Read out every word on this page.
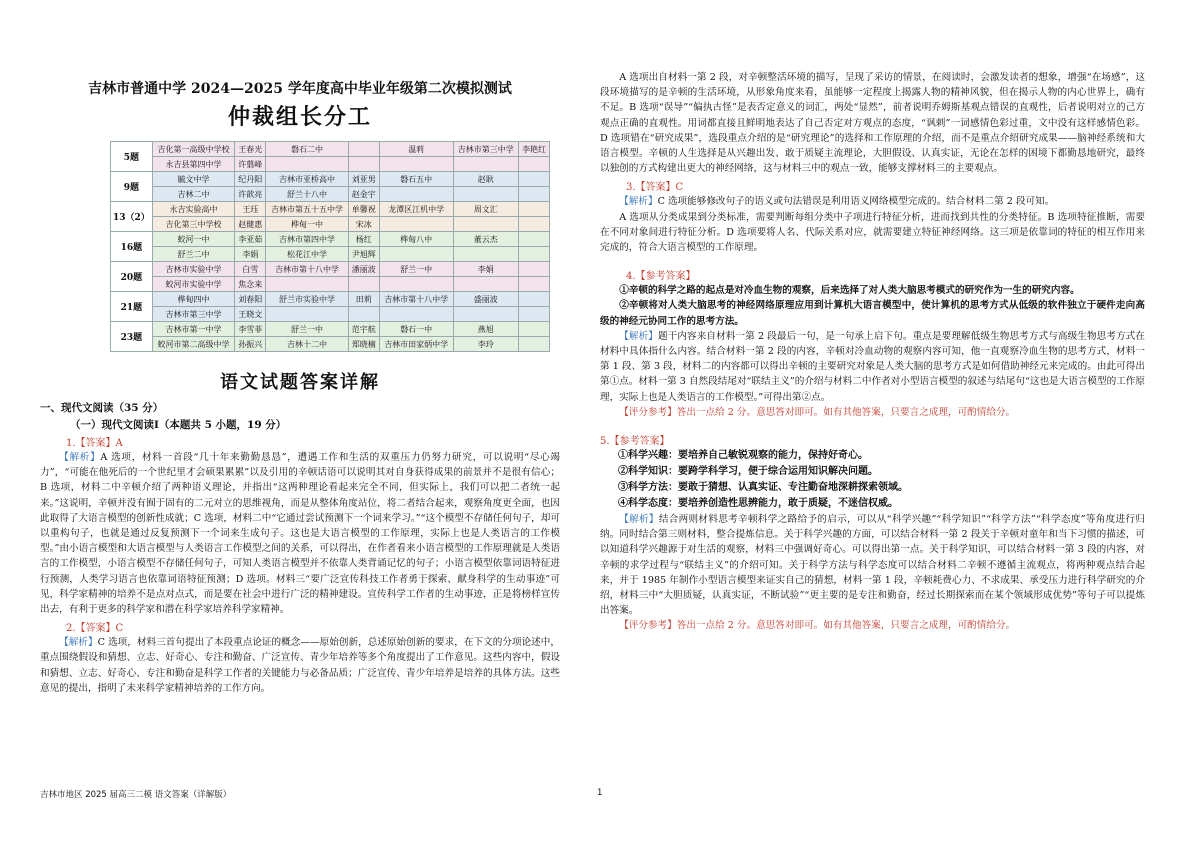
吉林市普通中学 2024—2025 学年度高中毕业年级第二次模拟测试
仲裁组长分工
5题	吉化第一高级中学校	王春光	磐石二中		温莉	吉林市第三中学	李艳红
	永吉县第四中学	许翦峰					
9题	毓文中学	纪丹阳	吉林市亚桥高中	刘亚男	磐石五中	赵耿	
	吉林二中	许歆亮	舒兰十八中	赵金宇			
13（2）	永吉实验高中	王珏	吉林市第五十五中学	单馨祝	龙潭区江机中学	周文汇	
	吉化第三中学校	赵健惠	桦甸一中	宋冰			
16题	蛟河一中	李亚茹	吉林市第四中学	杨红	桦甸八中	董云杰	
	舒兰二中	李娟	松花江中学	尹旭辉			
20题	吉林市实验中学	白雪	吉林市第十八中学	潘丽波	舒兰一中	李娟	
	蛟河市实验中学	焦念来					
21题	桦甸四中	刘春阳	舒兰市实验中学	田莉	吉林市第十八中学	盛丽波	
	吉林市第三中学	王晓文					
23题	吉林市第一中学	李雪菲	舒兰一中	范宇航	磐石一中	燕旭	
	蛟河市第二高级中学	孙振兴	吉林十二中	郑晓楠	吉林市田家炳中学	李玲	
语文试题答案详解
一、现代文阅读（35 分）
（一）现代文阅读Ⅰ（本题共 5 小题，19 分）
1.【答案】A

【解析】A 选项，材料一首段“几十年来勤勤恳恳”，遭遇工作和生活的双重压力仍努力研究，可以说明“尽心竭力”，“可能在他死后的一个世纪里才会硕果累累”以及引用的辛顿话语可以说明其对自身获得成果的前景并不是很有信心；B 选项，材料二中辛顿介绍了两种语义理论，并指出“这两种理论看起来完全不同，但实际上，我们可以把二者统一起来。”这说明，辛顿并没有囿于固有的二元对立的思维视角，而是从整体角度站位，将二者结合起来，观察角度更全面，也因此取得了大语言模型的创新性成就；C 选项，材料二中“它通过尝试预测下一个词来学习。”“这个模型不存储任何句子，却可以重构句子，也就是通过反复预测下一个词来生成句子。这也是大语言模型的工作原理，实际上也是人类语言的工作模型。”由小语言模型和大语言模型与人类语言工作模型之间的关系，可以得出，在作者看来小语言模型的工作原理就是人类语言的工作模型，小语言模型不存储任何句子，可知人类语言模型并不依靠人类背诵记忆的句子；小语言模型依靠词语特征进行预测，人类学习语言也依靠词语特征预测；D 选项。材料三“要广泛宣传科技工作者勇于探索、献身科学的生动事迹”可见，科学家精神的培养不是点对点式，而是要在社会中进行广泛的精神建设。宣传科学工作者的生动事迹，正是将榜样宣传出去，有利于更多的科学家和潜在科学家培养科学家精神。

2.【答案】C

【解析】C 选项，材料三首句提出了本段重点论证的概念——原始创新，总述原始创新的要求，在下文的分项论述中，重点围绕假设和猜想、立志、好奇心、专注和勤奋、广泛宣传、青少年培养等多个角度提出了工作意见。这些内容中，假设和猜想、立志、好奇心、专注和勤奋是科学工作者的关键能力与必备品质；广泛宣传、青少年培养是培养的具体方法。这些意见的提出，指明了未来科学家精神培养的工作方向。

A 选项出自材料一第 2 段，对辛顿整活环境的描写，呈现了采访的情景，在阅读时，会激发读者的想象，增强“在场感”，这段环境描写的是辛顿的生活环境，从形象角度来看，虽能够一定程度上揭露人物的精神风貌，但在揭示人物的内心世界上，确有不足。B 选项“误导”“偏执古怪”是表否定意义的词汇，两处“显然”，前者说明乔姆斯基观点错误的直观性，后者说明对立的己方观点正确的直观性。用词都直接且鲜明地表达了自己否定对方观点的态度，“讽刺”一词感情色彩过重，文中没有这样感情色彩。D 选项错在“研究成果”，选段重点介绍的是“研究理论”的选择和工作原理的介绍，而不是重点介绍研究成果——脑神经系统和大语言模型。辛顿的人生选择是从兴趣出发、敢于质疑主流理论，大胆假设、认真实证，无论在怎样的困境下都勤恳地研究，最终以独创的方式构建出更大的神经网络，这与材料三中的观点一致，能够支撑材料三的主要观点。

3.【答案】C

【解析】C 选项能够修改句子的语义或句法错误是利用语义网络模型完成的。结合材料二第 2 段可知。

A 选项从分类成果到分类标准，需要判断每组分类中子项进行特征分析，进而找到共性的分类特征。B 选项特征推断，需要在不同对象间进行特征分析。D 选项要将人名、代际关系对应，就需要建立特征神经网络。这三项是依靠词的特征的相互作用来完成的，符合大语言模型的工作原理。

4.【参考答案】

①辛顿的科学之路的起点是对冷血生物的观察，后来选择了对人类大脑思考模式的研究作为一生的研究内容。

②辛顿将对人类大脑思考的神经网络原理应用到计算机大语言模型中，使计算机的思考方式从低级的软件独立于硬件走向高级的神经元协同工作的思考方法。

【解析】题干内容来自材料一第 2 段最后一句，是一句承上启下句。重点是要理解低级生物思考方式与高级生物思考方式在材料中具体指什么内容。结合材料一第 2 段的内容，辛顿对冷血动物的观察内容可知，他一直观察冷血生物的思考方式，材料一第 1 段、第 3 段，材料二的内容都可以得出辛顿的主要研究对象是人类大脑的思考方式是如何借助神经元来完成的。由此可得出第①点。材料一第 3 自然段结尾对“联结主义”的介绍与材料二中作者对小型语言模型的叙述与结尾句“这也是大语言模型的工作原理，实际上也是人类语言的工作模型。”可得出第②点。

【评分参考】答出一点给 2 分。意思答对即可。如有其他答案，只要言之成理，可酌情给分。

5.【参考答案】

①科学兴趣：要培养自己敏锐观察的能力，保持好奇心。

②科学知识：要跨学科学习，便于综合运用知识解决问题。

③科学方法：要敢于猜想、认真实证、专注勤奋地深耕探索领域。

④科学态度：要培养创造性思辨能力，敢于质疑，不迷信权威。

【解析】结合两则材料思考辛顿科学之路给予的启示，可以从“科学兴趣”“科学知识”“科学方法”“科学态度”等角度进行归纳。同时结合第三则材料，整合提炼信息。关于科学兴趣的方面，可以结合材料一第 2 段关于辛顿对童年和当下习惯的描述，可以知道科学兴趣源于对生活的观察，材料三中强调好奇心。可以得出第一点。关于科学知识，可以结合材料一第 3 段的内容，对辛顿的求学过程与“联结主义”的介绍可知。关于科学方法与科学态度可以结合材料二辛顿不遵循主流观点，将两种观点结合起来，并于 1985 年制作小型语言模型来证实自己的猜想，材料一第 1 段，辛顿耗费心力、不求成果、承受压力进行科学研究的介绍，材料三中“大胆质疑，认真实证，不断试验”“更主要的是专注和勤奋，经过长期探索而在某个领域形成优势”等句子可以提炼出答案。

【评分参考】答出一点给 2 分。意思答对即可。如有其他答案，只要言之成理，可酌情给分。

吉林市地区 2025 届高三二模 语文答案（详解版）	1
